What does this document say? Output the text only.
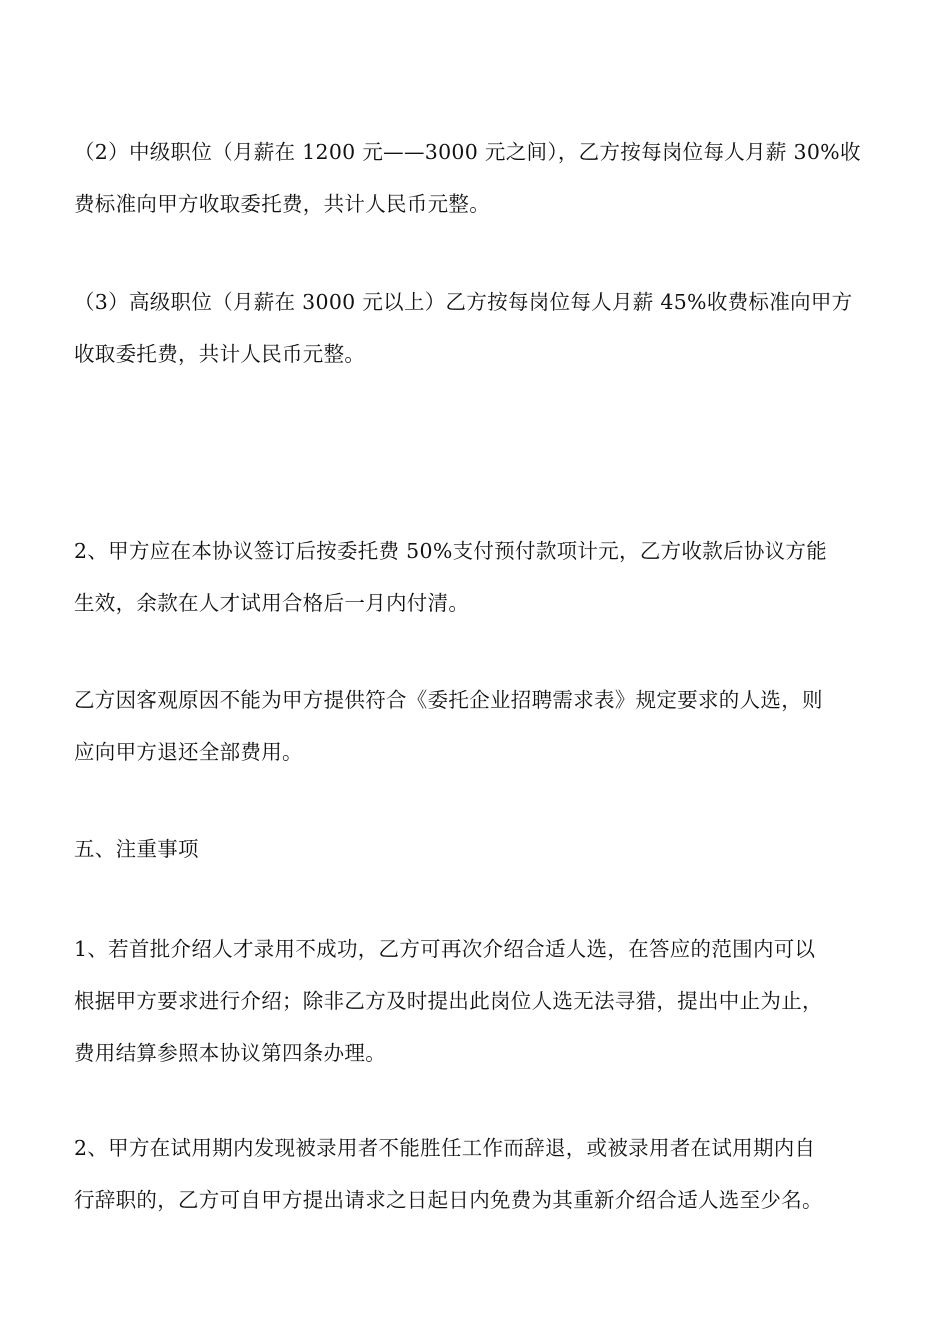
（2）中级职位（月薪在 1200 元——3000 元之间），乙方按每岗位每人月薪 30%收
费标准向甲方收取委托费，共计人民币元整。

（3）高级职位（月薪在 3000 元以上）乙方按每岗位每人月薪 45%收费标准向甲方
收取委托费，共计人民币元整。

2、甲方应在本协议签订后按委托费 50%支付预付款项计元，乙方收款后协议方能
生效，余款在人才试用合格后一月内付清。

乙方因客观原因不能为甲方提供符合《委托企业招聘需求表》规定要求的人选，则
应向甲方退还全部费用。

五、注重事项

1、若首批介绍人才录用不成功，乙方可再次介绍合适人选，在答应的范围内可以
根据甲方要求进行介绍；除非乙方及时提出此岗位人选无法寻猎，提出中止为止，
费用结算参照本协议第四条办理。

2、甲方在试用期内发现被录用者不能胜任工作而辞退，或被录用者在试用期内自
行辞职的，乙方可自甲方提出请求之日起日内免费为其重新介绍合适人选至少名。
